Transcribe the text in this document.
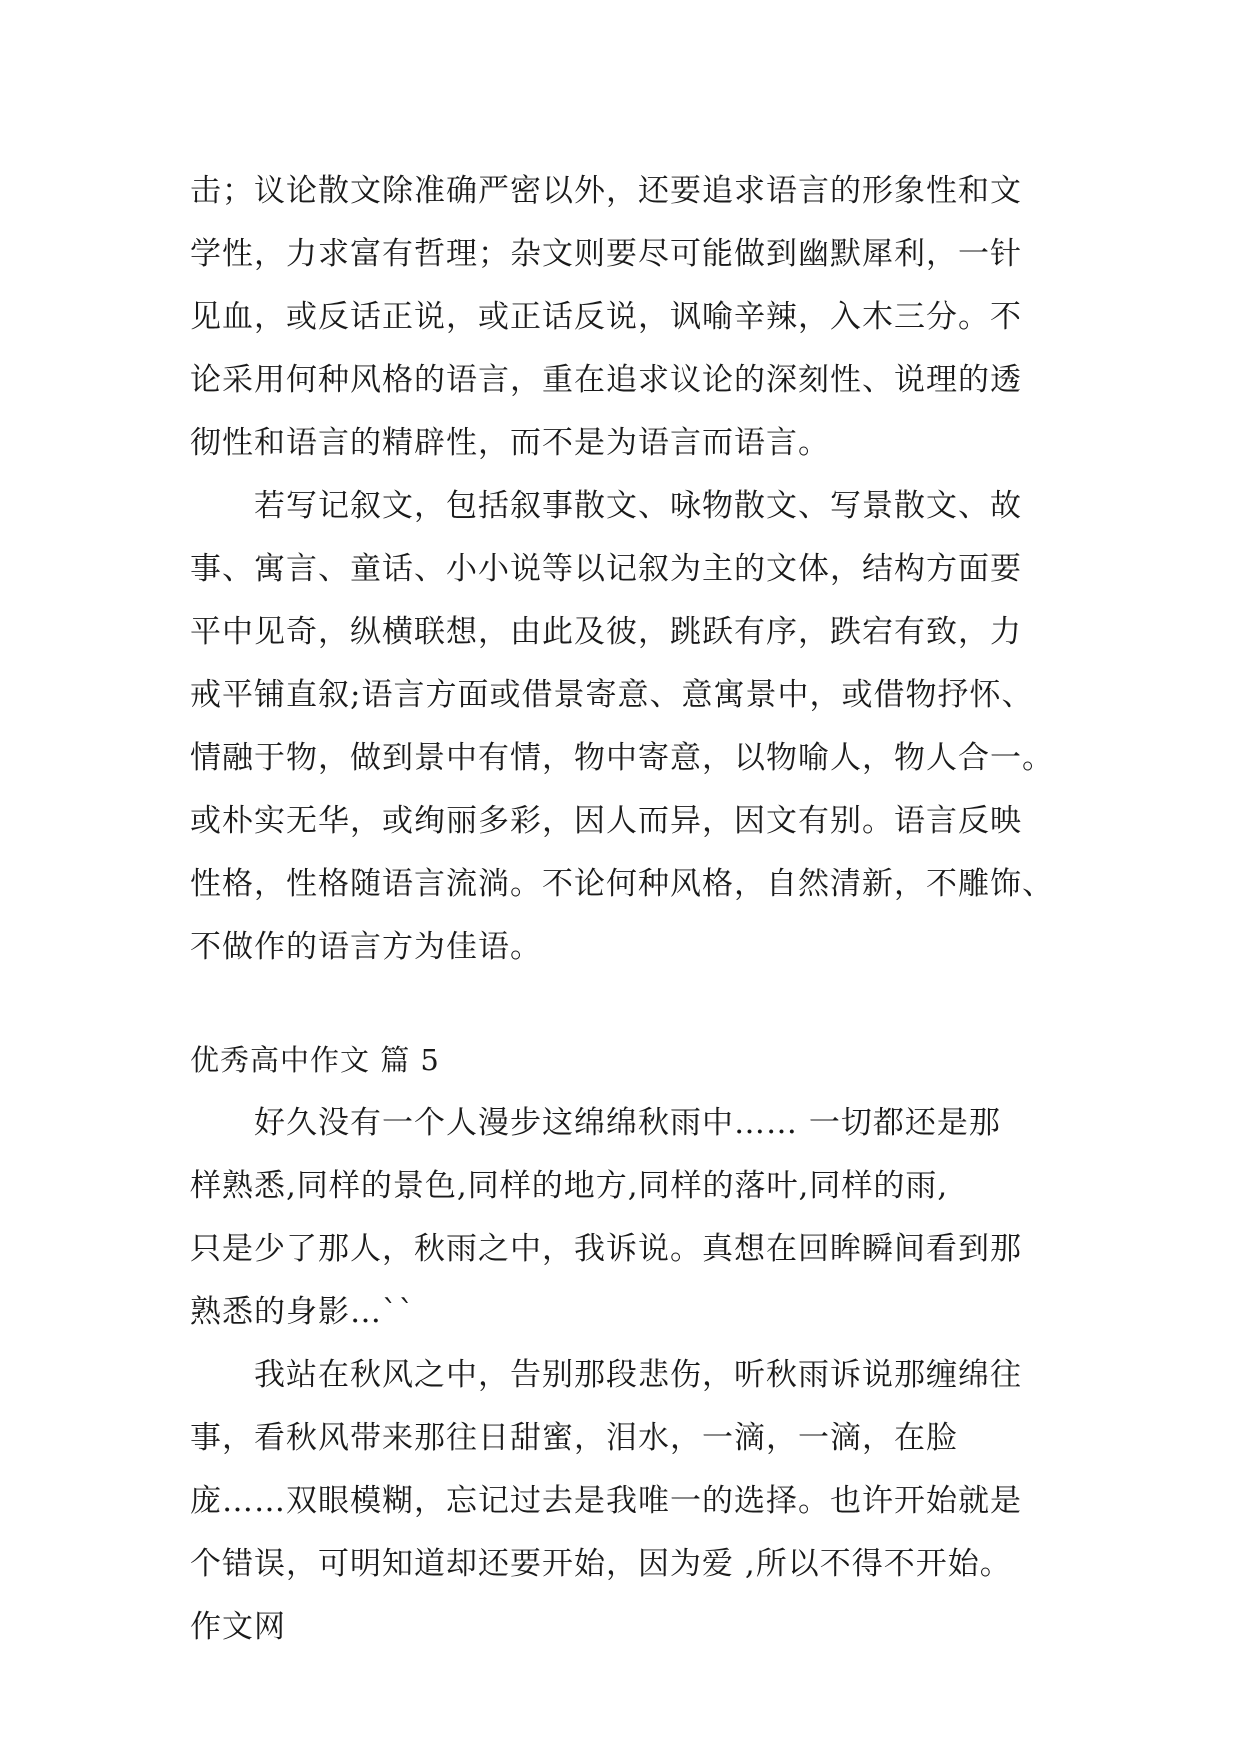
击；议论散文除准确严密以外，还要追求语言的形象性和文
学性，力求富有哲理；杂文则要尽可能做到幽默犀利，一针
见血，或反话正说，或正话反说，讽喻辛辣，入木三分。不
论采用何种风格的语言，重在追求议论的深刻性、说理的透
彻性和语言的精辟性，而不是为语言而语言。
若写记叙文，包括叙事散文、咏物散文、写景散文、故
事、寓言、童话、小小说等以记叙为主的文体，结构方面要
平中见奇，纵横联想，由此及彼，跳跃有序，跌宕有致，力
戒平铺直叙;语言方面或借景寄意、意寓景中，或借物抒怀、
情融于物，做到景中有情，物中寄意，以物喻人，物人合一。
或朴实无华，或绚丽多彩，因人而异，因文有别。语言反映
性格，性格随语言流淌。不论何种风格，自然清新，不雕饰、
不做作的语言方为佳语。
优秀高中作文 篇 5
好久没有一个人漫步这绵绵秋雨中…… 一切都还是那
样熟悉,同样的景色,同样的地方,同样的落叶,同样的雨,
只是少了那人，秋雨之中，我诉说。真想在回眸瞬间看到那
熟悉的身影…``
我站在秋风之中，告别那段悲伤，听秋雨诉说那缠绵往
事，看秋风带来那往日甜蜜，泪水，一滴，一滴，在脸
庞……双眼模糊，忘记过去是我唯一的选择。也许开始就是
个错误，可明知道却还要开始，因为爱 ,所以不得不开始。
作文网
